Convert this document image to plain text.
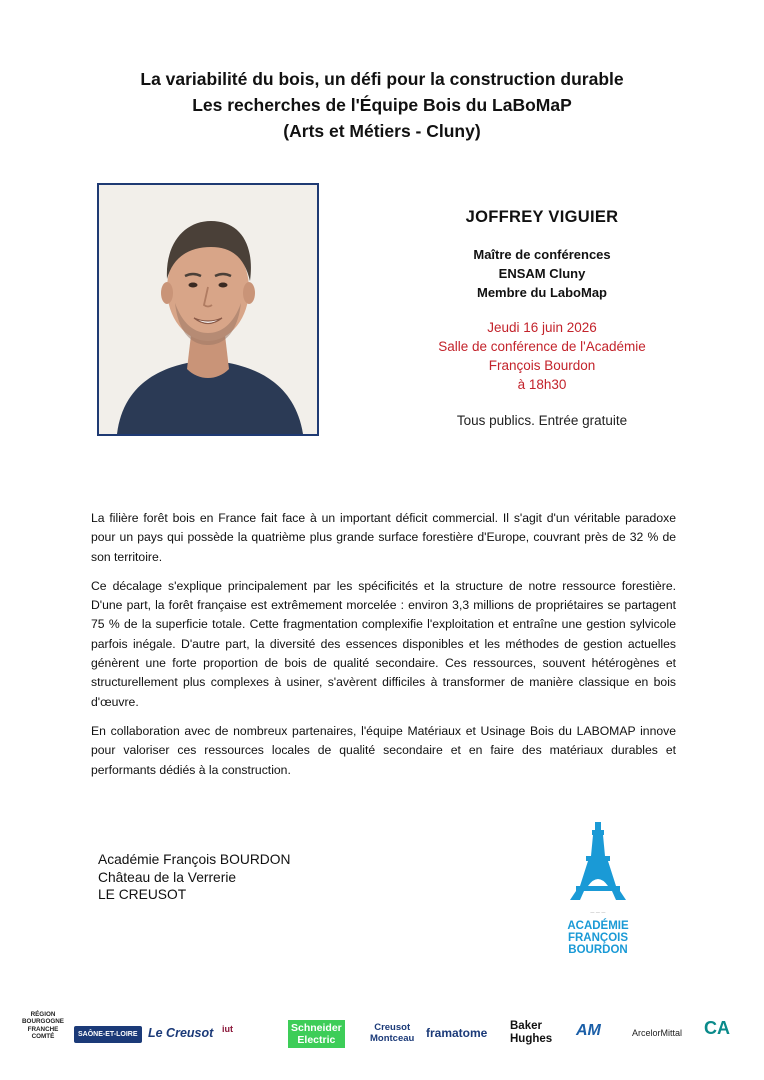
La variabilité du bois, un défi pour la construction durable
Les recherches de l'Équipe Bois du LaBoMaP
(Arts et Métiers - Cluny)
JOFFREY VIGUIER
Maître de conférences
ENSAM Cluny
Membre du LaboMap
Jeudi 16 juin 2026
Salle de conférence de l'Académie
François Bourdon
à 18h30
Tous publics. Entrée gratuite

La filière forêt bois en France fait face à un important déficit commercial. Il s'agit d'un véritable paradoxe pour un pays qui possède la quatrième plus grande surface forestière d'Europe, couvrant près de 32 % de son territoire.

Ce décalage s'explique principalement par les spécificités et la structure de notre ressource forestière. D'une part, la forêt française est extrêmement morcelée : environ 3,3 millions de propriétaires se partagent 75 % de la superficie totale. Cette fragmentation complexifie l'exploitation et entraîne une gestion sylvicole parfois inégale. D'autre part, la diversité des essences disponibles et les méthodes de gestion actuelles génèrent une forte proportion de bois de qualité secondaire. Ces ressources, souvent hétérogènes et structurellement plus complexes à usiner, s'avèrent difficiles à transformer de manière classique en bois d'œuvre.

En collaboration avec de nombreux partenaires, l'équipe Matériaux et Usinage Bois du LABOMAP innove pour valoriser ces ressources locales de qualité secondaire et en faire des matériaux durables et performants dédiés à la construction.

Académie François BOURDON
Château de la Verrerie
LE CREUSOT
— — —
ACADÉMIE
FRANÇOIS
BOURDON
RÉGION
BOURGOGNE
FRANCHE
COMTÉ	SAÔNE-ET-LOIRE Le Creusot iut	Schneider
Electric
Creusot
Montceau framatome Baker
Hughes AM	ArcelorMittal CA
